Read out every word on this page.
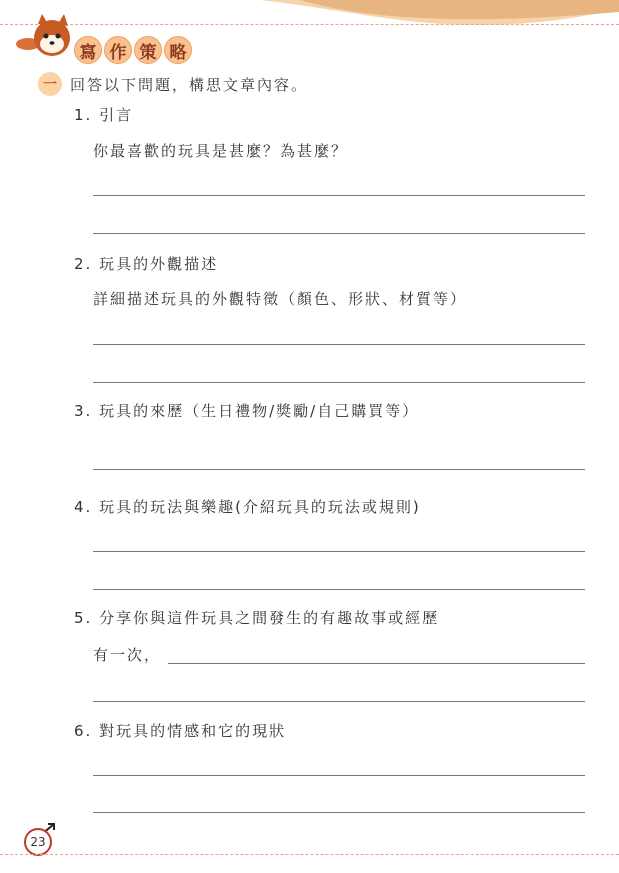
寫 作 策 略
一 回答以下問題，構思文章內容。
1. 引言
你最喜歡的玩具是甚麼？為甚麼？
2. 玩具的外觀描述
詳細描述玩具的外觀特徵（顏色、形狀、材質等）
3. 玩具的來歷（生日禮物/獎勵/自己購買等）
4. 玩具的玩法與樂趣(介紹玩具的玩法或規則)
5. 分享你與這件玩具之間發生的有趣故事或經歷
有一次，
6. 對玩具的情感和它的現狀
23
